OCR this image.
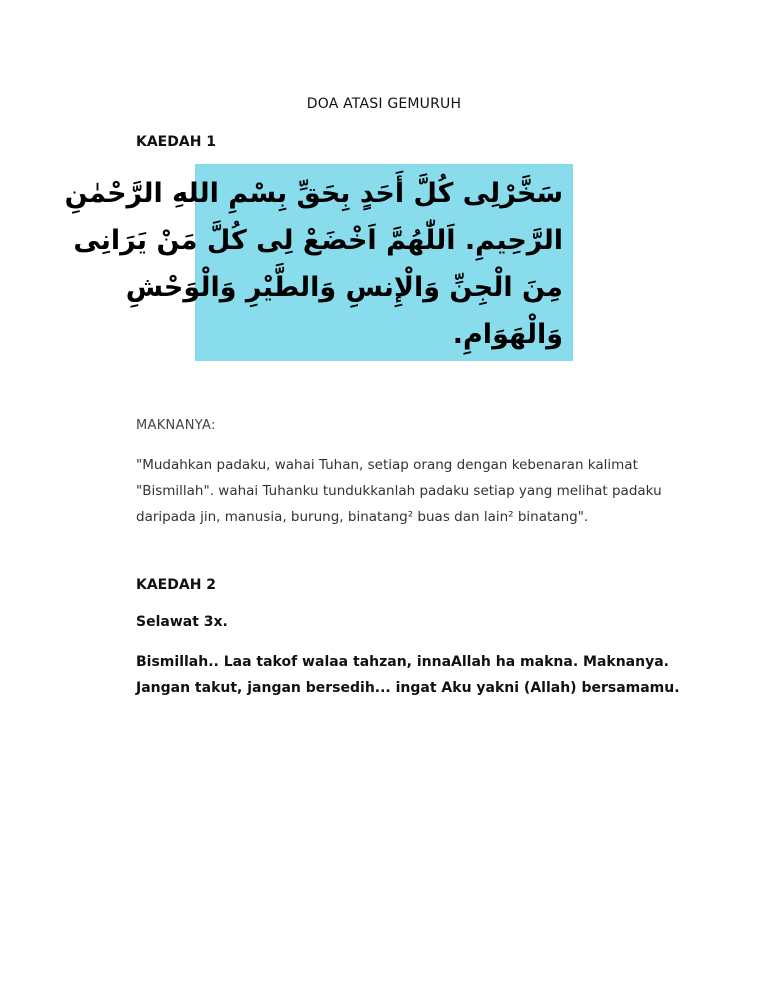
DOA ATASI GEMURUH
KAEDAH 1
سَخَّرْلِى كُلَّ أَحَدٍ بِحَقِّ بِسْمِ اللهِ الرَّحْمٰنِ
الرَّحِيمِ. اَللّٰهُمَّ اَخْضَعْ لِى كُلَّ مَنْ يَرَانِى
مِنَ الْجِنِّ وَالْإِنسِ وَالطَّيْرِ وَالْوَحْشِ
وَالْهَوَامِ.
MAKNANYA:
"Mudahkan padaku, wahai Tuhan, setiap orang dengan kebenaran kalimat "Bismillah". wahai Tuhanku tundukkanlah padaku setiap yang melihat padaku daripada jin, manusia, burung, binatang² buas dan lain² binatang".
KAEDAH 2
Selawat 3x.
Bismillah.. Laa takof walaa tahzan, innaAllah ha makna. Maknanya. Jangan takut, jangan bersedih... ingat Aku yakni (Allah) bersamamu.
